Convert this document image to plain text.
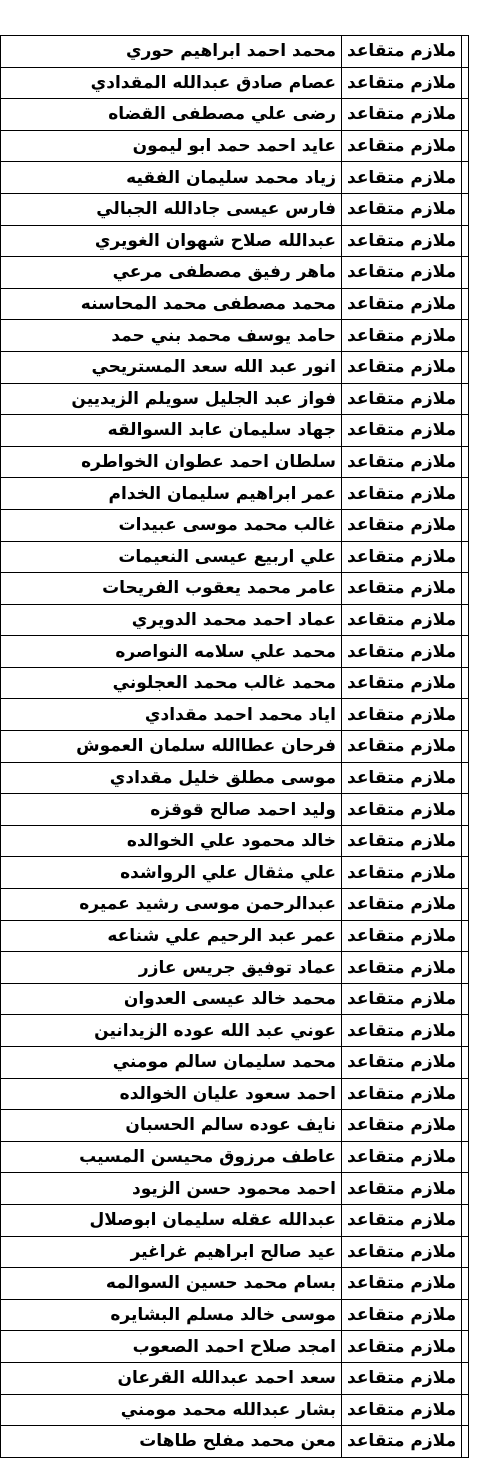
	ملازم متقاعد	محمد احمد ابراهيم حوري
	ملازم متقاعد	عصام صادق عبدالله المقدادي
	ملازم متقاعد	رضى علي مصطفى القضاه
	ملازم متقاعد	عايد احمد حمد ابو ليمون
	ملازم متقاعد	زياد محمد سليمان الفقيه
	ملازم متقاعد	فارس عيسى جادالله الجبالي
	ملازم متقاعد	عبدالله صلاح شهوان الغويري
	ملازم متقاعد	ماهر رفيق مصطفى مرعي
	ملازم متقاعد	محمد مصطفى محمد المحاسنه
	ملازم متقاعد	حامد يوسف محمد بني حمد
	ملازم متقاعد	انور عبد الله سعد المستريحي
	ملازم متقاعد	فواز عبد الجليل سويلم الزيديين
	ملازم متقاعد	جهاد سليمان عابد السوالقه
	ملازم متقاعد	سلطان احمد عطوان الخواطره
	ملازم متقاعد	عمر ابراهيم سليمان الخدام
	ملازم متقاعد	غالب محمد موسى عبيدات
	ملازم متقاعد	علي اربيع عيسى النعيمات
	ملازم متقاعد	عامر محمد يعقوب الفريحات
	ملازم متقاعد	عماد احمد محمد الدويري
	ملازم متقاعد	محمد علي سلامه النواصره
	ملازم متقاعد	محمد غالب محمد العجلوني
	ملازم متقاعد	اياد محمد احمد مقدادي
	ملازم متقاعد	فرحان عطاالله سلمان العموش
	ملازم متقاعد	موسى مطلق خليل مقدادي
	ملازم متقاعد	وليد احمد صالح قوقزه
	ملازم متقاعد	خالد محمود علي الخوالده
	ملازم متقاعد	علي مثقال علي الرواشده
	ملازم متقاعد	عبدالرحمن موسى رشيد عميره
	ملازم متقاعد	عمر عبد الرحيم علي شناعه
	ملازم متقاعد	عماد توفيق جريس عازر
	ملازم متقاعد	محمد خالد عيسى العدوان
	ملازم متقاعد	عوني عبد الله عوده الزيدانين
	ملازم متقاعد	محمد سليمان سالم مومني
	ملازم متقاعد	احمد سعود عليان الخوالده
	ملازم متقاعد	نايف عوده سالم الحسبان
	ملازم متقاعد	عاطف مرزوق محيسن المسيب
	ملازم متقاعد	احمد محمود حسن الزيود
	ملازم متقاعد	عبدالله عقله سليمان ابوصلال
	ملازم متقاعد	عيد صالح ابراهيم غراغير
	ملازم متقاعد	بسام محمد حسين السوالمه
	ملازم متقاعد	موسى خالد مسلم البشايره
	ملازم متقاعد	امجد صلاح احمد الصعوب
	ملازم متقاعد	سعد احمد عبدالله القرعان
	ملازم متقاعد	بشار عبدالله محمد مومني
	ملازم متقاعد	معن محمد مفلح طاهات
